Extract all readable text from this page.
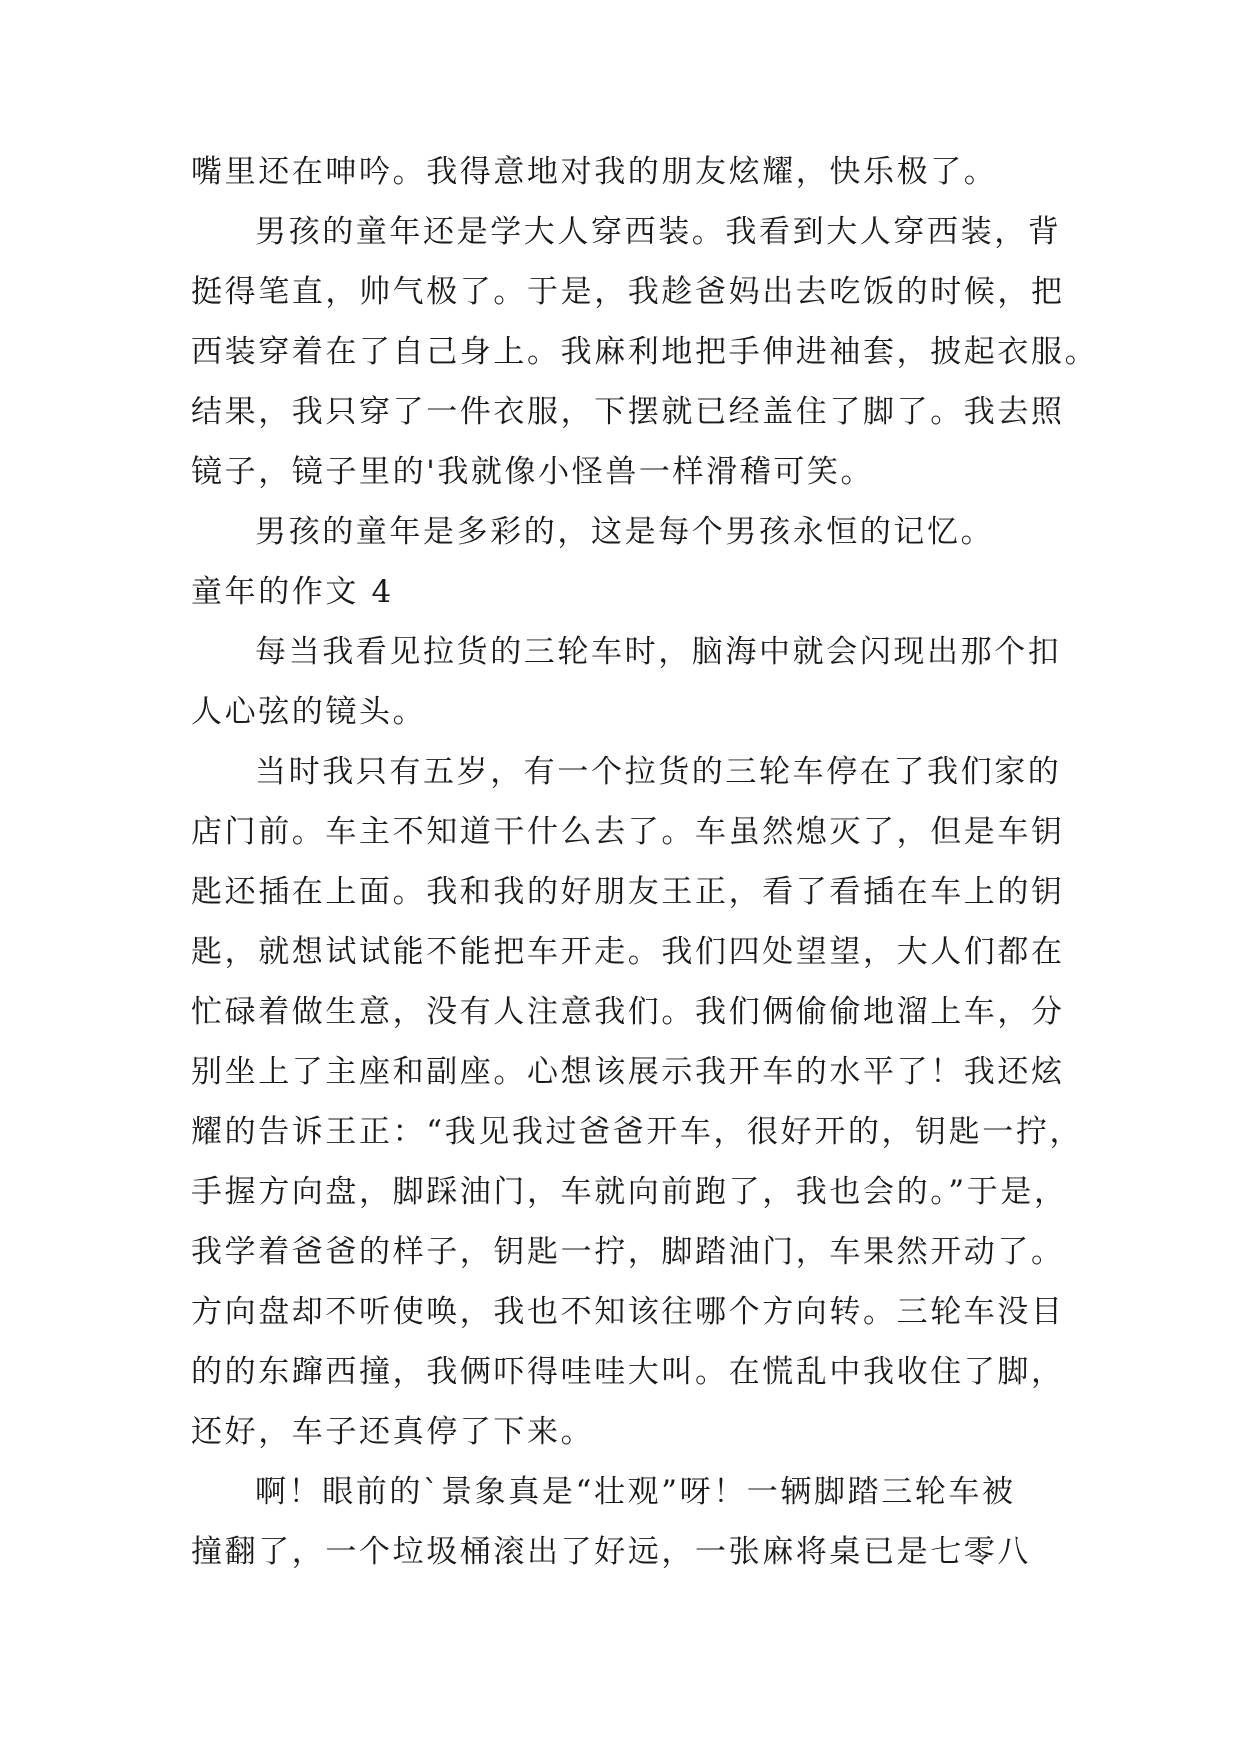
嘴里还在呻吟。我得意地对我的朋友炫耀，快乐极了。
男孩的童年还是学大人穿西装。我看到大人穿西装，背
挺得笔直，帅气极了。于是，我趁爸妈出去吃饭的时候，把
西装穿着在了自己身上。我麻利地把手伸进袖套，披起衣服。
结果，我只穿了一件衣服，下摆就已经盖住了脚了。我去照
镜子，镜子里的'我就像小怪兽一样滑稽可笑。
男孩的童年是多彩的，这是每个男孩永恒的记忆。
童年的作文 4
每当我看见拉货的三轮车时，脑海中就会闪现出那个扣
人心弦的镜头。
当时我只有五岁，有一个拉货的三轮车停在了我们家的
店门前。车主不知道干什么去了。车虽然熄灭了，但是车钥
匙还插在上面。我和我的好朋友王正，看了看插在车上的钥
匙，就想试试能不能把车开走。我们四处望望，大人们都在
忙碌着做生意，没有人注意我们。我们俩偷偷地溜上车，分
别坐上了主座和副座。心想该展示我开车的水平了！我还炫
耀的告诉王正：“我见我过爸爸开车，很好开的，钥匙一拧，
手握方向盘，脚踩油门，车就向前跑了，我也会的。”于是，
我学着爸爸的样子，钥匙一拧，脚踏油门，车果然开动了。
方向盘却不听使唤，我也不知该往哪个方向转。三轮车没目
的的东蹿西撞，我俩吓得哇哇大叫。在慌乱中我收住了脚，
还好，车子还真停了下来。
啊！眼前的`景象真是“壮观”呀！一辆脚踏三轮车被
撞翻了，一个垃圾桶滚出了好远，一张麻将桌已是七零八
